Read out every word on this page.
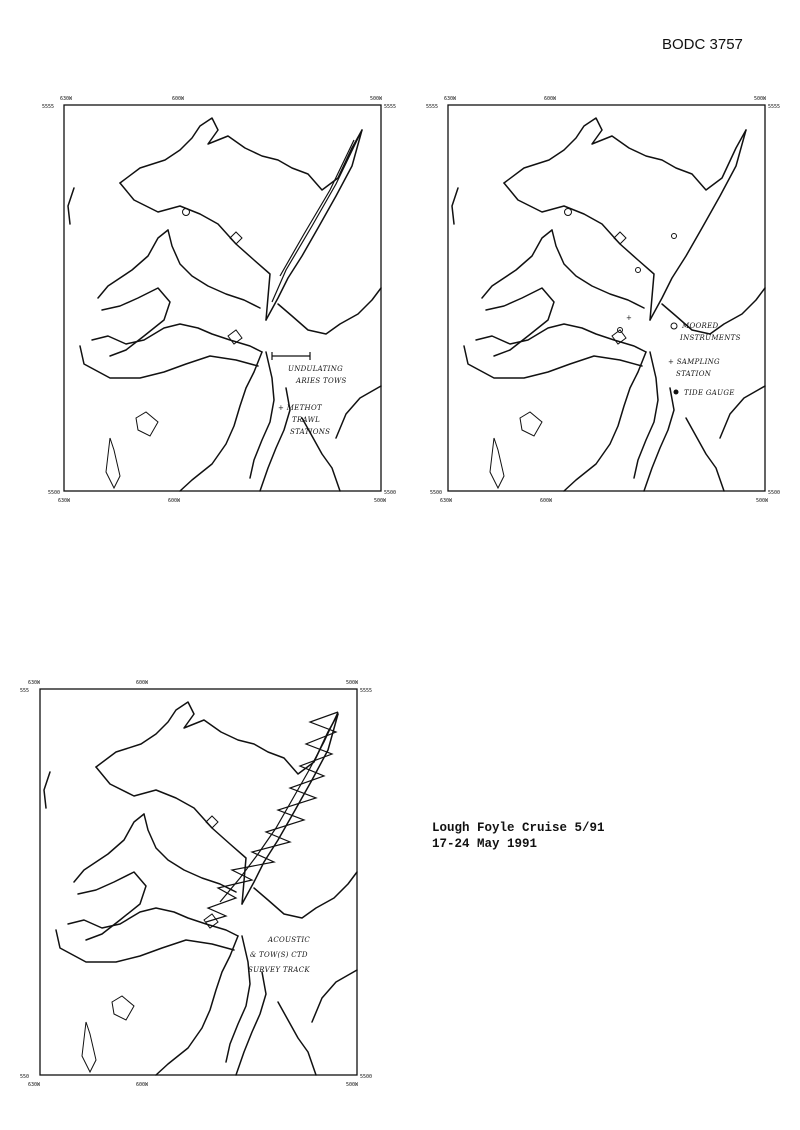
BODC 3757
630W	600W	500W
5555	5555
5500	5500
630W	600W	500W
UNDULATING
ARIES TOWS
+ METHOT
TRAWL
STATIONS
630W	600W	500W
5555	5555
5500	5500
630W	600W	500W
+
MOORED
INSTRUMENTS
+ SAMPLING
STATION
TIDE GAUGE
630W	600W	500W
555	5555
550	5500
630W	600W	500W
ACOUSTIC
& TOW(S) CTD
SURVEY TRACK
Lough Foyle Cruise 5/91
17-24 May 1991
